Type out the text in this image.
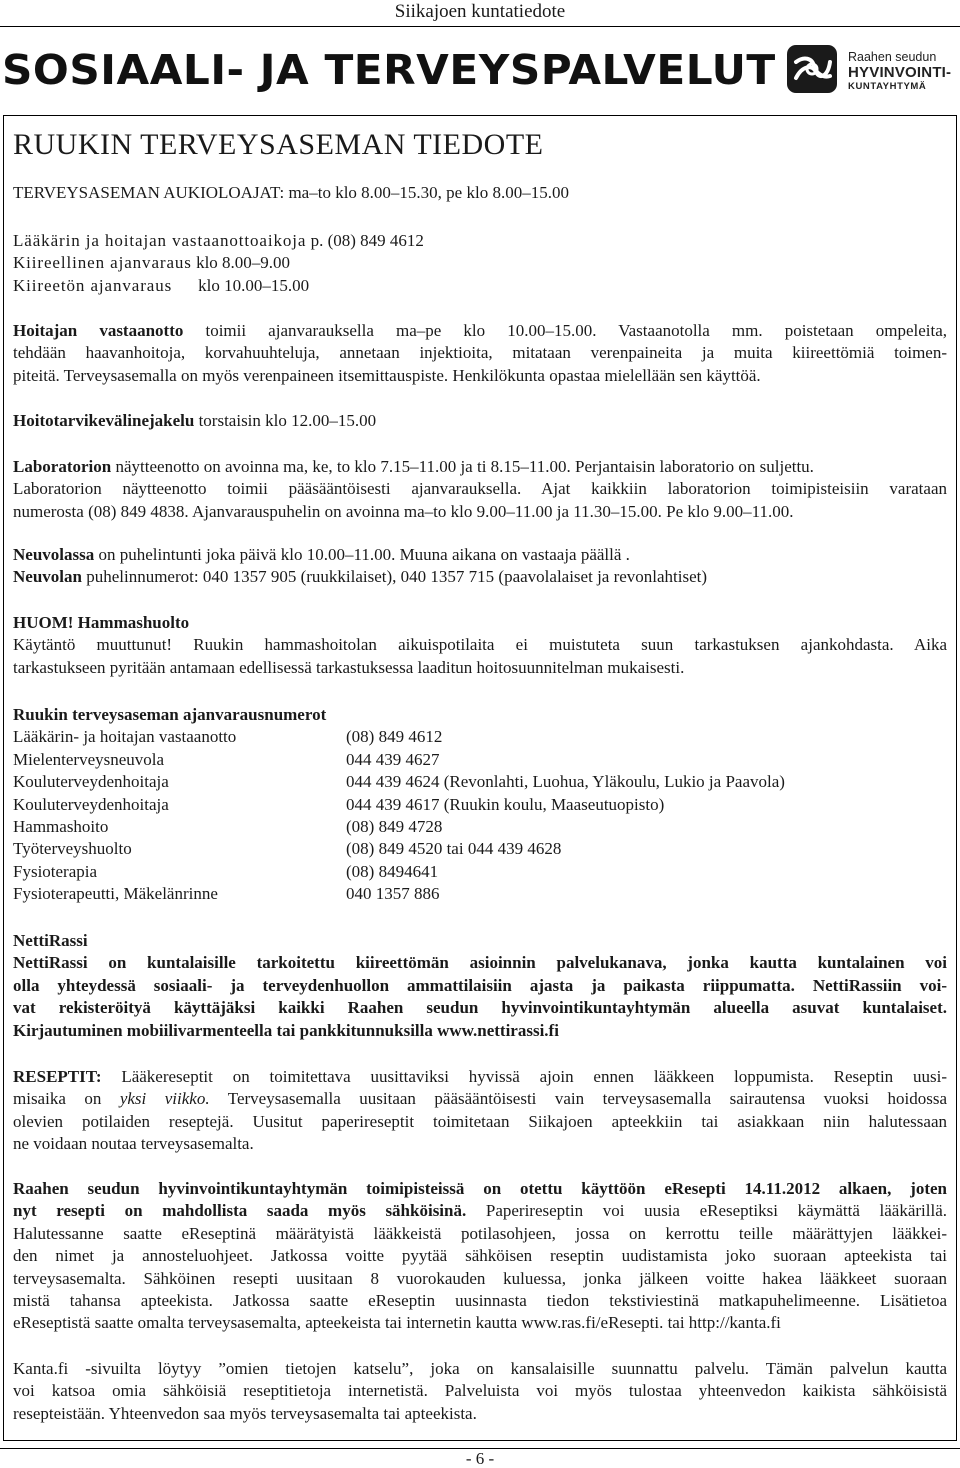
Siikajoen kuntatiedote
SOSIAALI- JA TERVEYSPALVELUT	Raahen seudun
HYVINVOINTI-
KUNTAYHTYMÄ
RUUKIN TERVEYSASEMAN TIEDOTE
TERVEYSASEMAN AUKIOLOAJAT: ma–to klo 8.00–15.30, pe klo 8.00–15.00
Lääkärin ja hoitajan vastaanottoaikoja p. (08) 849 4612
Kiireellinen ajanvaraus klo 8.00–9.00
Kiireetön ajanvaraus klo 10.00–15.00
Hoitajan vastaanotto toimii ajanvarauksella ma–pe klo 10.00–15.00. Vastaanotolla mm. poistetaan ompeleita,
tehdään haavanhoitoja, korvahuuhteluja, annetaan injektioita, mitataan verenpaineita ja muita kiireettömiä toimen-
piteitä. Terveysasemalla on myös verenpaineen itsemittauspiste. Henkilökunta opastaa mielellään sen käyttöä.
Hoitotarvikevälinejakelu torstaisin klo 12.00–15.00
Laboratorion näytteenotto on avoinna ma, ke, to klo 7.15–11.00 ja ti 8.15–11.00. Perjantaisin laboratorio on suljettu.
Laboratorion näytteenotto toimii pääsääntöisesti ajanvarauksella. Ajat kaikkiin laboratorion toimipisteisiin varataan
numerosta (08) 849 4838. Ajanvarauspuhelin on avoinna ma–to klo 9.00–11.00 ja 11.30–15.00. Pe klo 9.00–11.00.
Neuvolassa on puhelintunti joka päivä klo 10.00–11.00. Muuna aikana on vastaaja päällä .
Neuvolan puhelinnumerot: 040 1357 905 (ruukkilaiset), 040 1357 715 (paavolalaiset ja revonlahtiset)
HUOM! Hammashuolto
Käytäntö muuttunut! Ruukin hammashoitolan aikuispotilaita ei muistuteta suun tarkastuksen ajankohdasta. Aika
tarkastukseen pyritään antamaan edellisessä tarkastuksessa laaditun hoitosuunnitelman mukaisesti.
Ruukin terveysaseman ajanvarausnumerot
Lääkärin- ja hoitajan vastaanotto	(08) 849 4612
Mielenterveysneuvola	044 439 4627
Kouluterveydenhoitaja	044 439 4624 (Revonlahti, Luohua, Yläkoulu, Lukio ja Paavola)
Kouluterveydenhoitaja	044 439 4617 (Ruukin koulu, Maaseutuopisto)
Hammashoito	(08) 849 4728
Työterveyshuolto	(08) 849 4520 tai 044 439 4628
Fysioterapia	(08) 8494641
Fysioterapeutti, Mäkelänrinne	040 1357 886
NettiRassi
NettiRassi on kuntalaisille tarkoitettu kiireettömän asioinnin palvelukanava, jonka kautta kuntalainen voi
olla yhteydessä sosiaali- ja terveydenhuollon ammattilaisiin ajasta ja paikasta riippumatta. NettiRassiin voi-
vat rekisteröityä käyttäjäksi kaikki Raahen seudun hyvinvointikuntayhtymän alueella asuvat kuntalaiset.
Kirjautuminen mobiilivarmenteella tai pankkitunnuksilla www.nettirassi.fi
RESEPTIT: Lääkereseptit on toimitettava uusittaviksi hyvissä ajoin ennen lääkkeen loppumista. Reseptin uusi-
misaika on yksi viikko. Terveysasemalla uusitaan pääsääntöisesti vain terveysasemalla sairautensa vuoksi hoidossa
olevien potilaiden reseptejä. Uusitut paperireseptit toimitetaan Siikajoen apteekkiin tai asiakkaan niin halutessaan
ne voidaan noutaa terveysasemalta.
Raahen seudun hyvinvointikuntayhtymän toimipisteissä on otettu käyttöön eResepti 14.11.2012 alkaen, joten
nyt resepti on mahdollista saada myös sähköisinä. Paperireseptin voi uusia eReseptiksi käymättä lääkärillä.
Halutessanne saatte eReseptinä määrätyistä lääkkeistä potilasohjeen, jossa on kerrottu teille määrättyjen lääkkei-
den nimet ja annosteluohjeet. Jatkossa voitte pyytää sähköisen reseptin uudistamista joko suoraan apteekista tai
terveysasemalta. Sähköinen resepti uusitaan 8 vuorokauden kuluessa, jonka jälkeen voitte hakea lääkkeet suoraan
mistä tahansa apteekista. Jatkossa saatte eReseptin uusinnasta tiedon tekstiviestinä matkapuhelimeenne. Lisätietoa
eReseptistä saatte omalta terveysasemalta, apteekeista tai internetin kautta www.ras.fi/eResepti. tai http://kanta.fi
Kanta.fi -sivuilta löytyy ”omien tietojen katselu”, joka on kansalaisille suunnattu palvelu. Tämän palvelun kautta
voi katsoa omia sähköisiä reseptitietoja internetistä. Palveluista voi myös tulostaa yhteenvedon kaikista sähköisistä
resepteistään. Yhteenvedon saa myös terveysasemalta tai apteekista.
- 6 -
